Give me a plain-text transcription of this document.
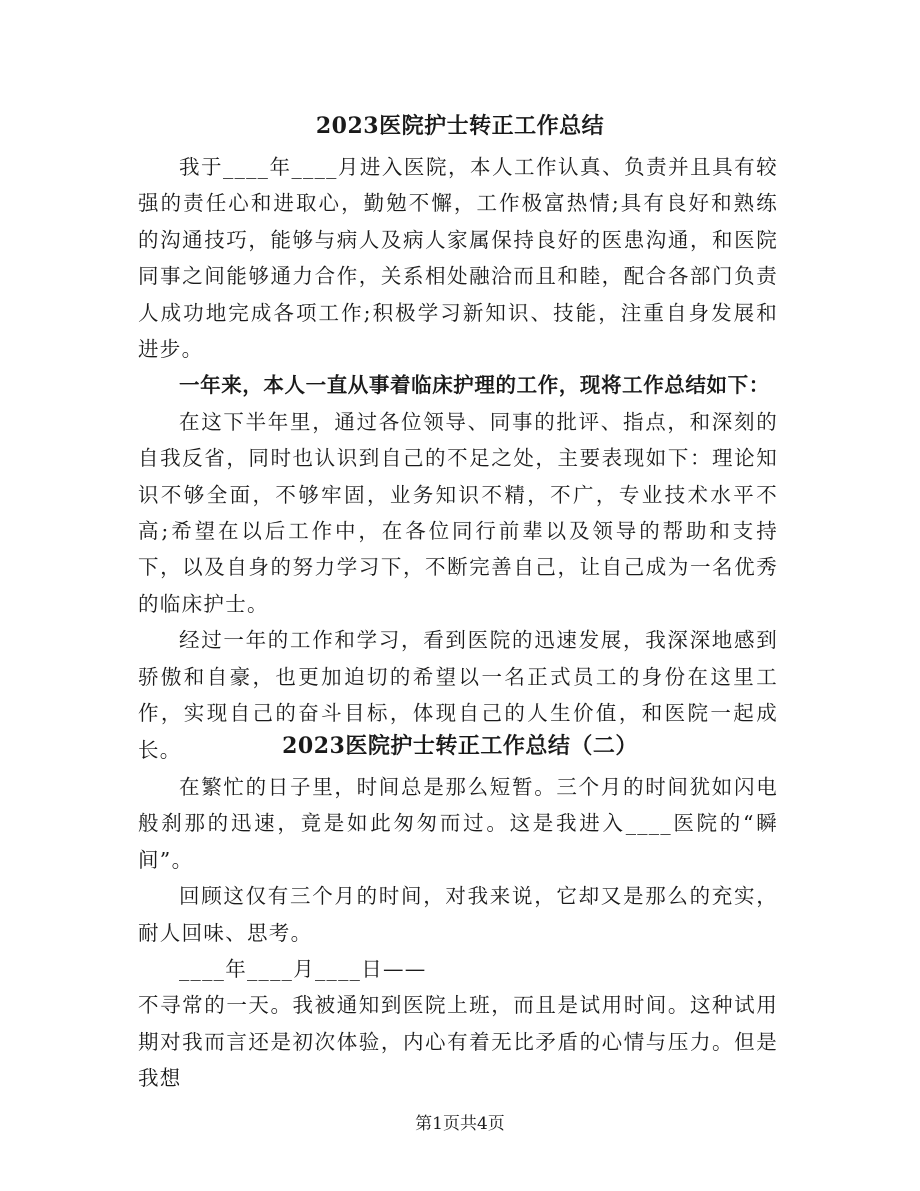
2023医院护士转正工作总结

我于____年____月进入医院，本人工作认真、负责并且具有较强的责任心和进取心，勤勉不懈，工作极富热情;具有良好和熟练的沟通技巧，能够与病人及病人家属保持良好的医患沟通，和医院同事之间能够通力合作，关系相处融洽而且和睦，配合各部门负责人成功地完成各项工作;积极学习新知识、技能，注重自身发展和进步。

一年来，本人一直从事着临床护理的工作，现将工作总结如下：

在这下半年里，通过各位领导、同事的批评、指点，和深刻的自我反省，同时也认识到自己的不足之处，主要表现如下：理论知识不够全面，不够牢固，业务知识不精，不广，专业技术水平不高;希望在以后工作中，在各位同行前辈以及领导的帮助和支持下，以及自身的努力学习下，不断完善自己，让自己成为一名优秀的临床护士。

经过一年的工作和学习，看到医院的迅速发展，我深深地感到骄傲和自豪，也更加迫切的希望以一名正式员工的身份在这里工作，实现自己的奋斗目标，体现自己的人生价值，和医院一起成长。	2023医院护士转正工作总结（二）

在繁忙的日子里，时间总是那么短暂。三个月的时间犹如闪电般刹那的迅速，竟是如此匆匆而过。这是我进入____医院的“瞬间”。

回顾这仅有三个月的时间，对我来说，它却又是那么的充实，耐人回味、思考。

____年____月____日——

不寻常的一天。我被通知到医院上班，而且是试用时间。这种试用期对我而言还是初次体验，内心有着无比矛盾的心情与压力。但是我想

第1页共4页
